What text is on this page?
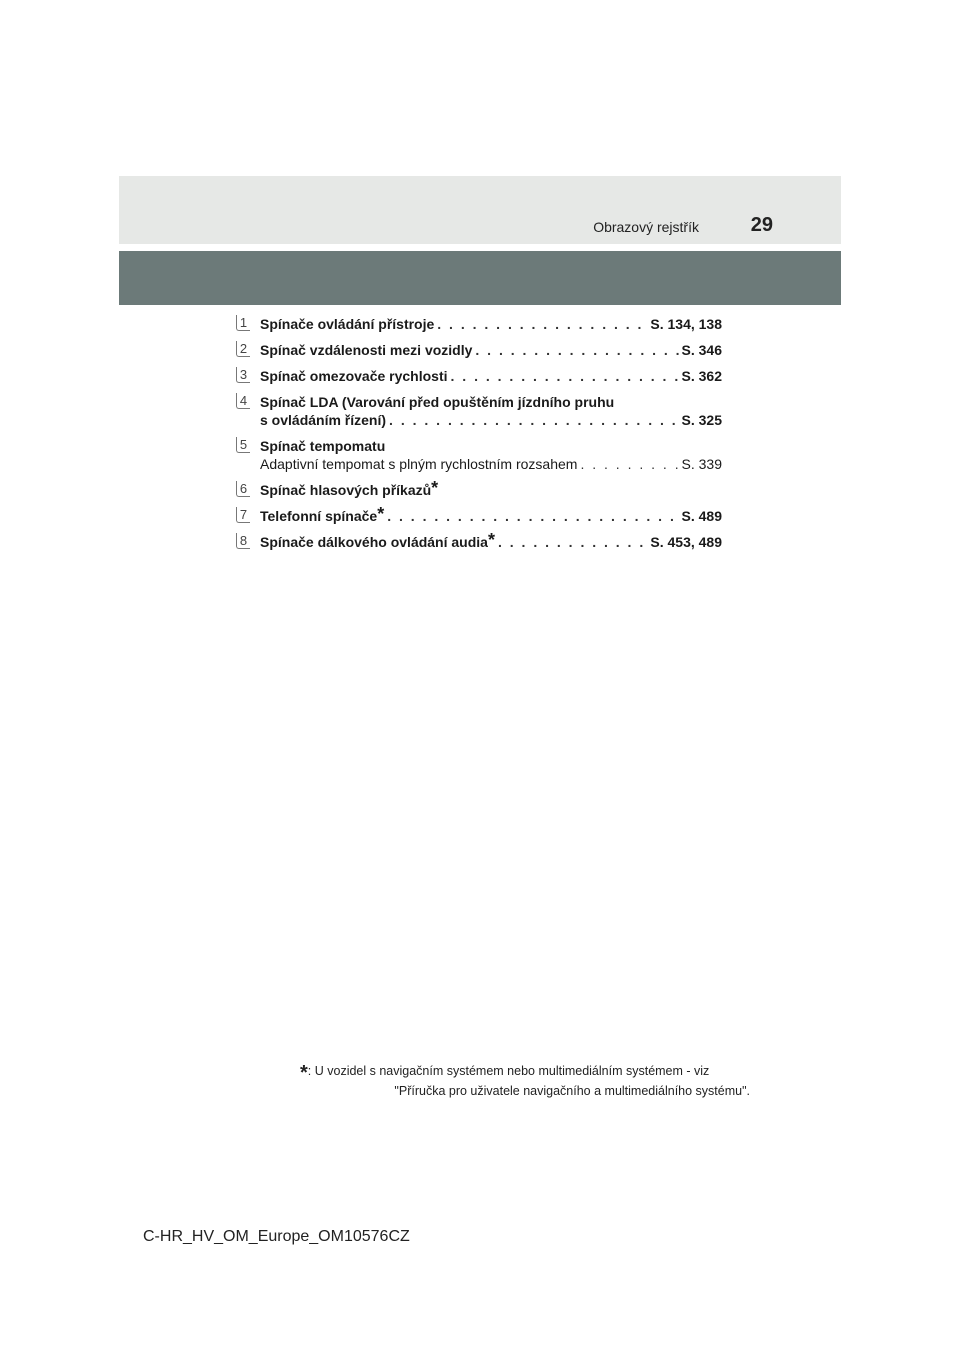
Obrazový rejstřík	29
1 Spínače ovládání přístroje . . .	S. 134, 138
2 Spínač vzdálenosti mezi vozidly . . .	S. 346
3 Spínač omezovače rychlosti . . .	S. 362
4 Spínač LDA (Varování před opuštěním jízdního pruhu
s ovládáním řízení) . . .	S. 325
5 Spínač tempomatu
Adaptivní tempomat s plným rychlostním rozsahem . . .	S. 339
6 Spínač hlasových příkazů*
7 Telefonní spínače* . . .	S. 489
8 Spínače dálkového ovládání audia* . . .	S. 453, 489
*: U vozidel s navigačním systémem nebo multimediálním systémem - viz
"Příručka pro uživatele navigačního a multimediálního systému".
C-HR_HV_OM_Europe_OM10576CZ
